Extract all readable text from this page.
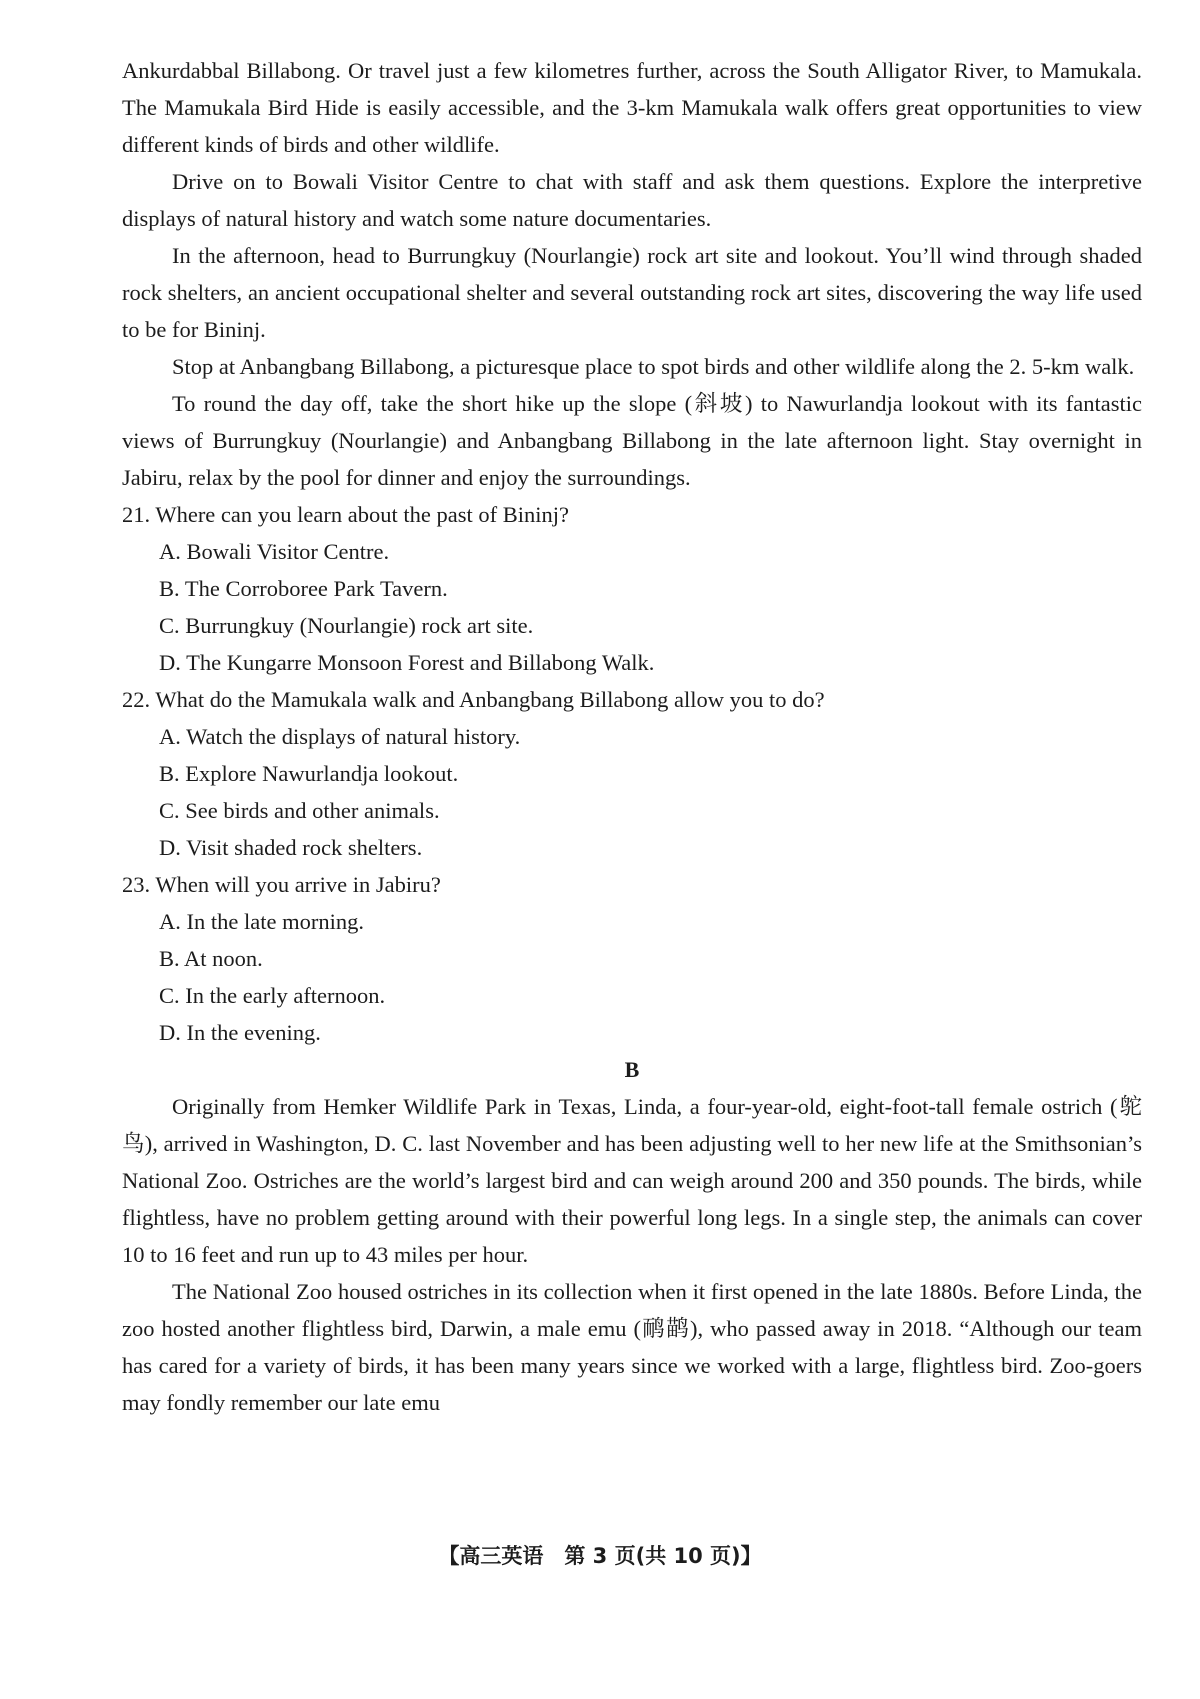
Ankurdabbal Billabong. Or travel just a few kilometres further, across the South Alligator River, to Mamukala. The Mamukala Bird Hide is easily accessible, and the 3-km Mamukala walk offers great opportunities to view different kinds of birds and other wildlife.

Drive on to Bowali Visitor Centre to chat with staff and ask them questions. Explore the interpretive displays of natural history and watch some nature documentaries.

In the afternoon, head to Burrungkuy (Nourlangie) rock art site and lookout. You’ll wind through shaded rock shelters, an ancient occupational shelter and several outstanding rock art sites, discovering the way life used to be for Bininj.

Stop at Anbangbang Billabong, a picturesque place to spot birds and other wildlife along the 2. 5-km walk.

To round the day off, take the short hike up the slope (斜坡) to Nawurlandja lookout with its fantastic views of Burrungkuy (Nourlangie) and Anbangbang Billabong in the late afternoon light. Stay overnight in Jabiru, relax by the pool for dinner and enjoy the surroundings.

21. Where can you learn about the past of Bininj?

A. Bowali Visitor Centre.

B. The Corroboree Park Tavern.

C. Burrungkuy (Nourlangie) rock art site.

D. The Kungarre Monsoon Forest and Billabong Walk.

22. What do the Mamukala walk and Anbangbang Billabong allow you to do?

A. Watch the displays of natural history.

B. Explore Nawurlandja lookout.

C. See birds and other animals.

D. Visit shaded rock shelters.

23. When will you arrive in Jabiru?

A. In the late morning.

B. At noon.

C. In the early afternoon.

D. In the evening.

B

Originally from Hemker Wildlife Park in Texas, Linda, a four-year-old, eight-foot-tall female ostrich (鸵鸟), arrived in Washington, D. C. last November and has been adjusting well to her new life at the Smithsonian’s National Zoo. Ostriches are the world’s largest bird and can weigh around 200 and 350 pounds. The birds, while flightless, have no problem getting around with their powerful long legs. In a single step, the animals can cover 10 to 16 feet and run up to 43 miles per hour.

The National Zoo housed ostriches in its collection when it first opened in the late 1880s. Before Linda, the zoo hosted another flightless bird, Darwin, a male emu (鸸鹋), who passed away in 2018. “Although our team has cared for a variety of birds, it has been many years since we worked with a large, flightless bird. Zoo-goers may fondly remember our late emu

【高三英语　第 3 页(共 10 页)】
